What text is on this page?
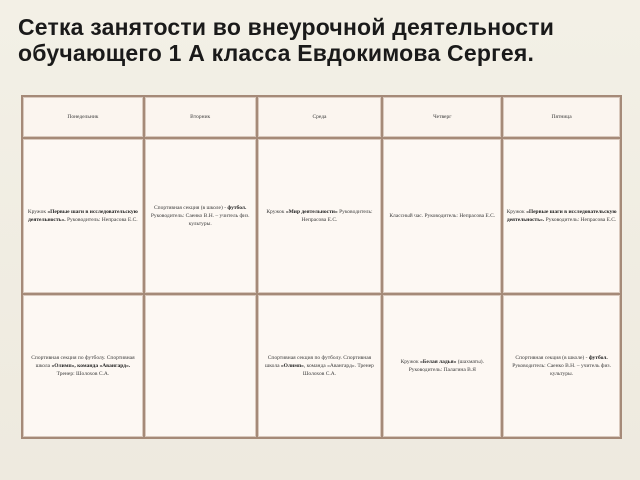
Сетка занятости во внеурочной деятельности
обучающего 1 А класса Евдокимова Сергея.
Понедельник	Вторник	Среда	Четверг	Пятница
Кружок «Первые шаги в исследовательскую деятельность». Руководитель: Непрасова Е.С.	Спортивная секция (в школе) - футбол. Руководитель: Саенко В.Н. – учитель физ. культуры.	Кружок «Мир деятельности» Руководитель: Непрасова Е.С.	Классный час. Руководитель: Непрасова Е.С.	Кружок «Первые шаги в исследовательскую деятельность». Руководитель: Непрасова Е.С.
Спортивная секция по футболу. Спортивная школа «Олимп», команда «Авангард». Тренер: Шолохов С.А.		Спортивная секция по футболу. Спортивная школа «Олимп», команда «Авангард». Тренер Шолохов С.А.	Кружок «Белая ладья» (шахматы). Руководитель: Палагина В.Я	Спортивная секция (в школе) - футбол. Руководитель: Саенко В.Н. – учитель физ. культуры.
